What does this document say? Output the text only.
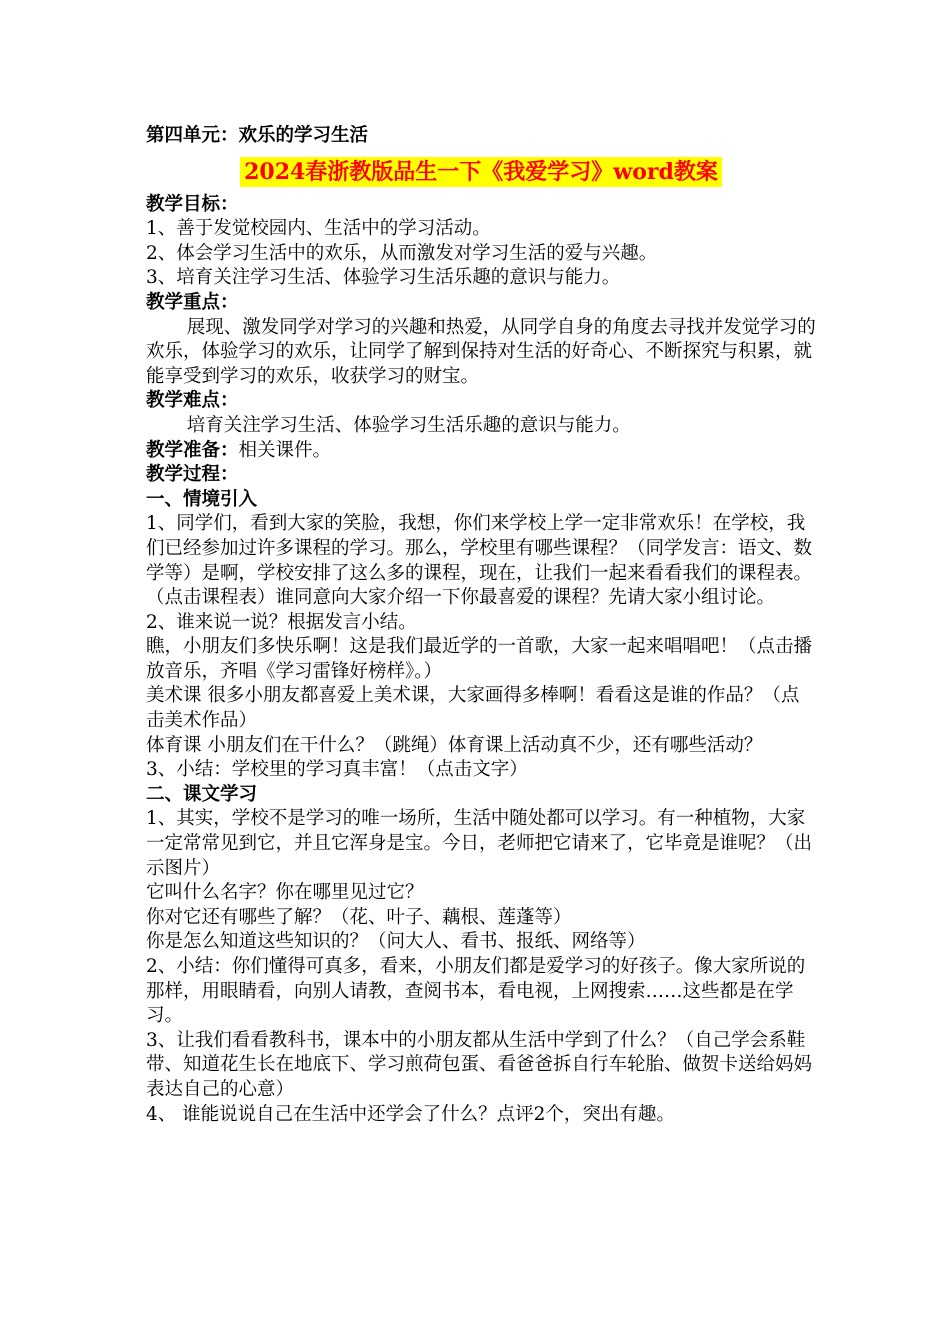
第四单元：欢乐的学习生活
2024春浙教版品生一下《我爱学习》word教案
教学目标：

1、善于发觉校园内、生活中的学习活动。

2、体会学习生活中的欢乐，从而激发对学习生活的爱与兴趣。

3、培育关注学习生活、体验学习生活乐趣的意识与能力。

教学重点：

展现、激发同学对学习的兴趣和热爱，从同学自身的角度去寻找并发觉学习的欢乐，体验学习的欢乐，让同学了解到保持对生活的好奇心、不断探究与积累，就能享受到学习的欢乐，收获学习的财宝。

教学难点：

培育关注学习生活、体验学习生活乐趣的意识与能力。

教学准备：相关课件。

教学过程：
一、情境引入

1、同学们，看到大家的笑脸，我想，你们来学校上学一定非常欢乐！在学校，我们已经参加过许多课程的学习。那么，学校里有哪些课程？（同学发言：语文、数学等）是啊，学校安排了这么多的课程，现在，让我们一起来看看我们的课程表。（点击课程表）谁同意向大家介绍一下你最喜爱的课程？先请大家小组讨论。

2、谁来说一说？根据发言小结。

瞧，小朋友们多快乐啊！这是我们最近学的一首歌，大家一起来唱唱吧！（点击播放音乐，齐唱《学习雷锋好榜样》。）

美术课 很多小朋友都喜爱上美术课，大家画得多棒啊！看看这是谁的作品？（点击美术作品）

体育课 小朋友们在干什么？（跳绳）体育课上活动真不少，还有哪些活动？

3、小结：学校里的学习真丰富！（点击文字）

二、课文学习

1、其实，学校不是学习的唯一场所，生活中随处都可以学习。有一种植物，大家一定常常见到它，并且它浑身是宝。今日，老师把它请来了，它毕竟是谁呢？（出示图片）

它叫什么名字？你在哪里见过它？

你对它还有哪些了解？（花、叶子、藕根、莲蓬等）

你是怎么知道这些知识的？（问大人、看书、报纸、网络等）

2、小结：你们懂得可真多，看来，小朋友们都是爱学习的好孩子。像大家所说的那样，用眼睛看，向别人请教，查阅书本，看电视，上网搜索……这些都是在学习。

3、让我们看看教科书，课本中的小朋友都从生活中学到了什么？（自己学会系鞋带、知道花生长在地底下、学习煎荷包蛋、看爸爸拆自行车轮胎、做贺卡送给妈妈表达自己的心意）

4、 谁能说说自己在生活中还学会了什么？点评2个，突出有趣。
